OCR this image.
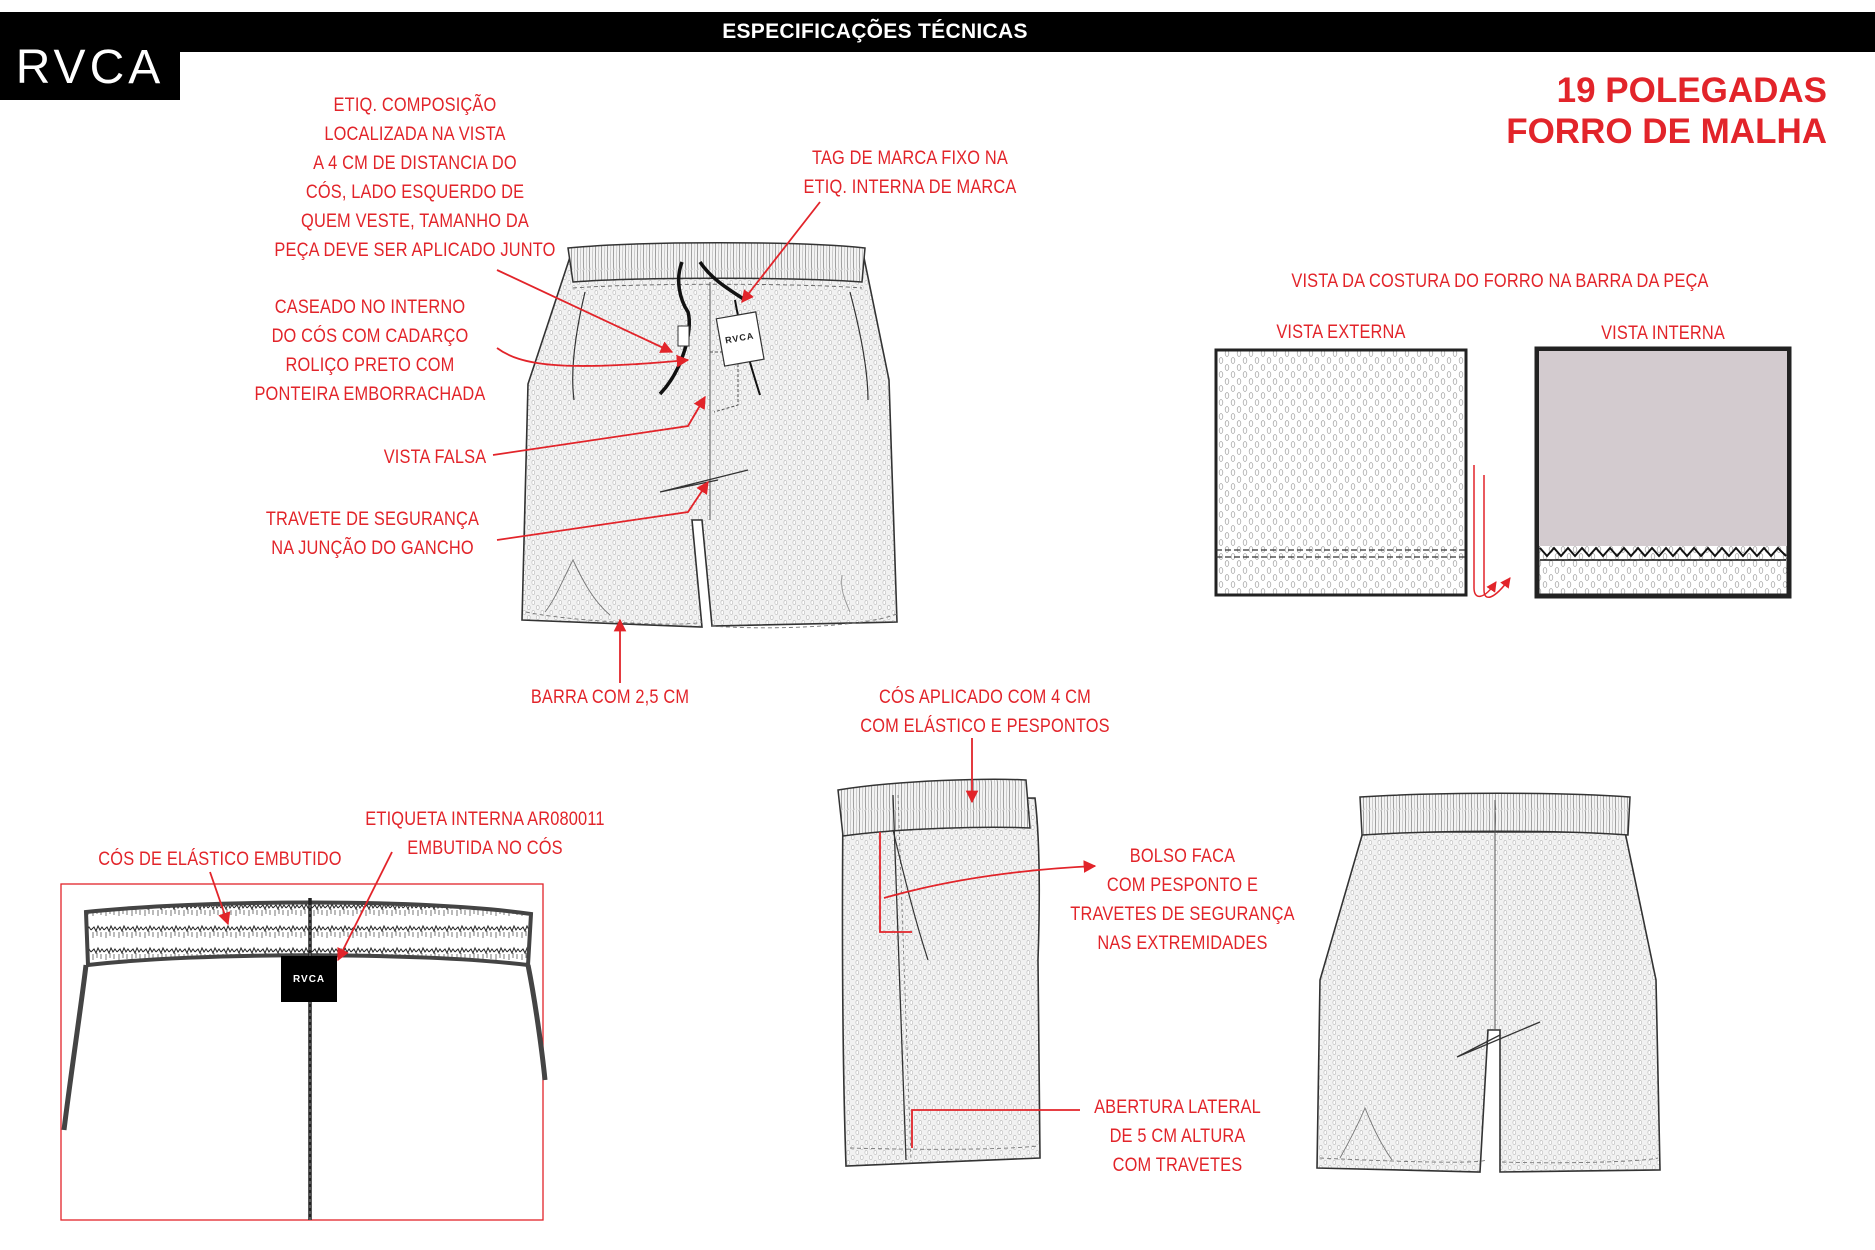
ESPECIFICAÇÕES TÉCNICAS
RVCA	19 POLEGADAS
FORRO DE MALHA
RVCA
RVCA
ETIQ. COMPOSIÇÃO
LOCALIZADA NA VISTA
A 4 CM DE DISTANCIA DO
CÓS, LADO ESQUERDO DE
QUEM VESTE, TAMANHO DA
PEÇA DEVE SER APLICADO JUNTO
TAG DE MARCA FIXO NA
ETIQ. INTERNA DE MARCA
CASEADO NO INTERNO
DO CÓS COM CADARÇO
ROLIÇO PRETO COM
PONTEIRA EMBORRACHADA
VISTA FALSA
TRAVETE DE SEGURANÇA
NA JUNÇÃO DO GANCHO
BARRA COM 2,5 CM	CÓS APLICADO COM 4 CM
COM ELÁSTICO E PESPONTOS
BOLSO FACA
COM PESPONTO E
TRAVETES DE SEGURANÇA
NAS EXTREMIDADES
ABERTURA LATERAL
DE 5 CM ALTURA
COM TRAVETES
CÓS DE ELÁSTICO EMBUTIDO
ETIQUETA INTERNA AR080011
EMBUTIDA NO CÓS
VISTA DA COSTURA DO FORRO NA BARRA DA PEÇA
VISTA EXTERNA	VISTA INTERNA
